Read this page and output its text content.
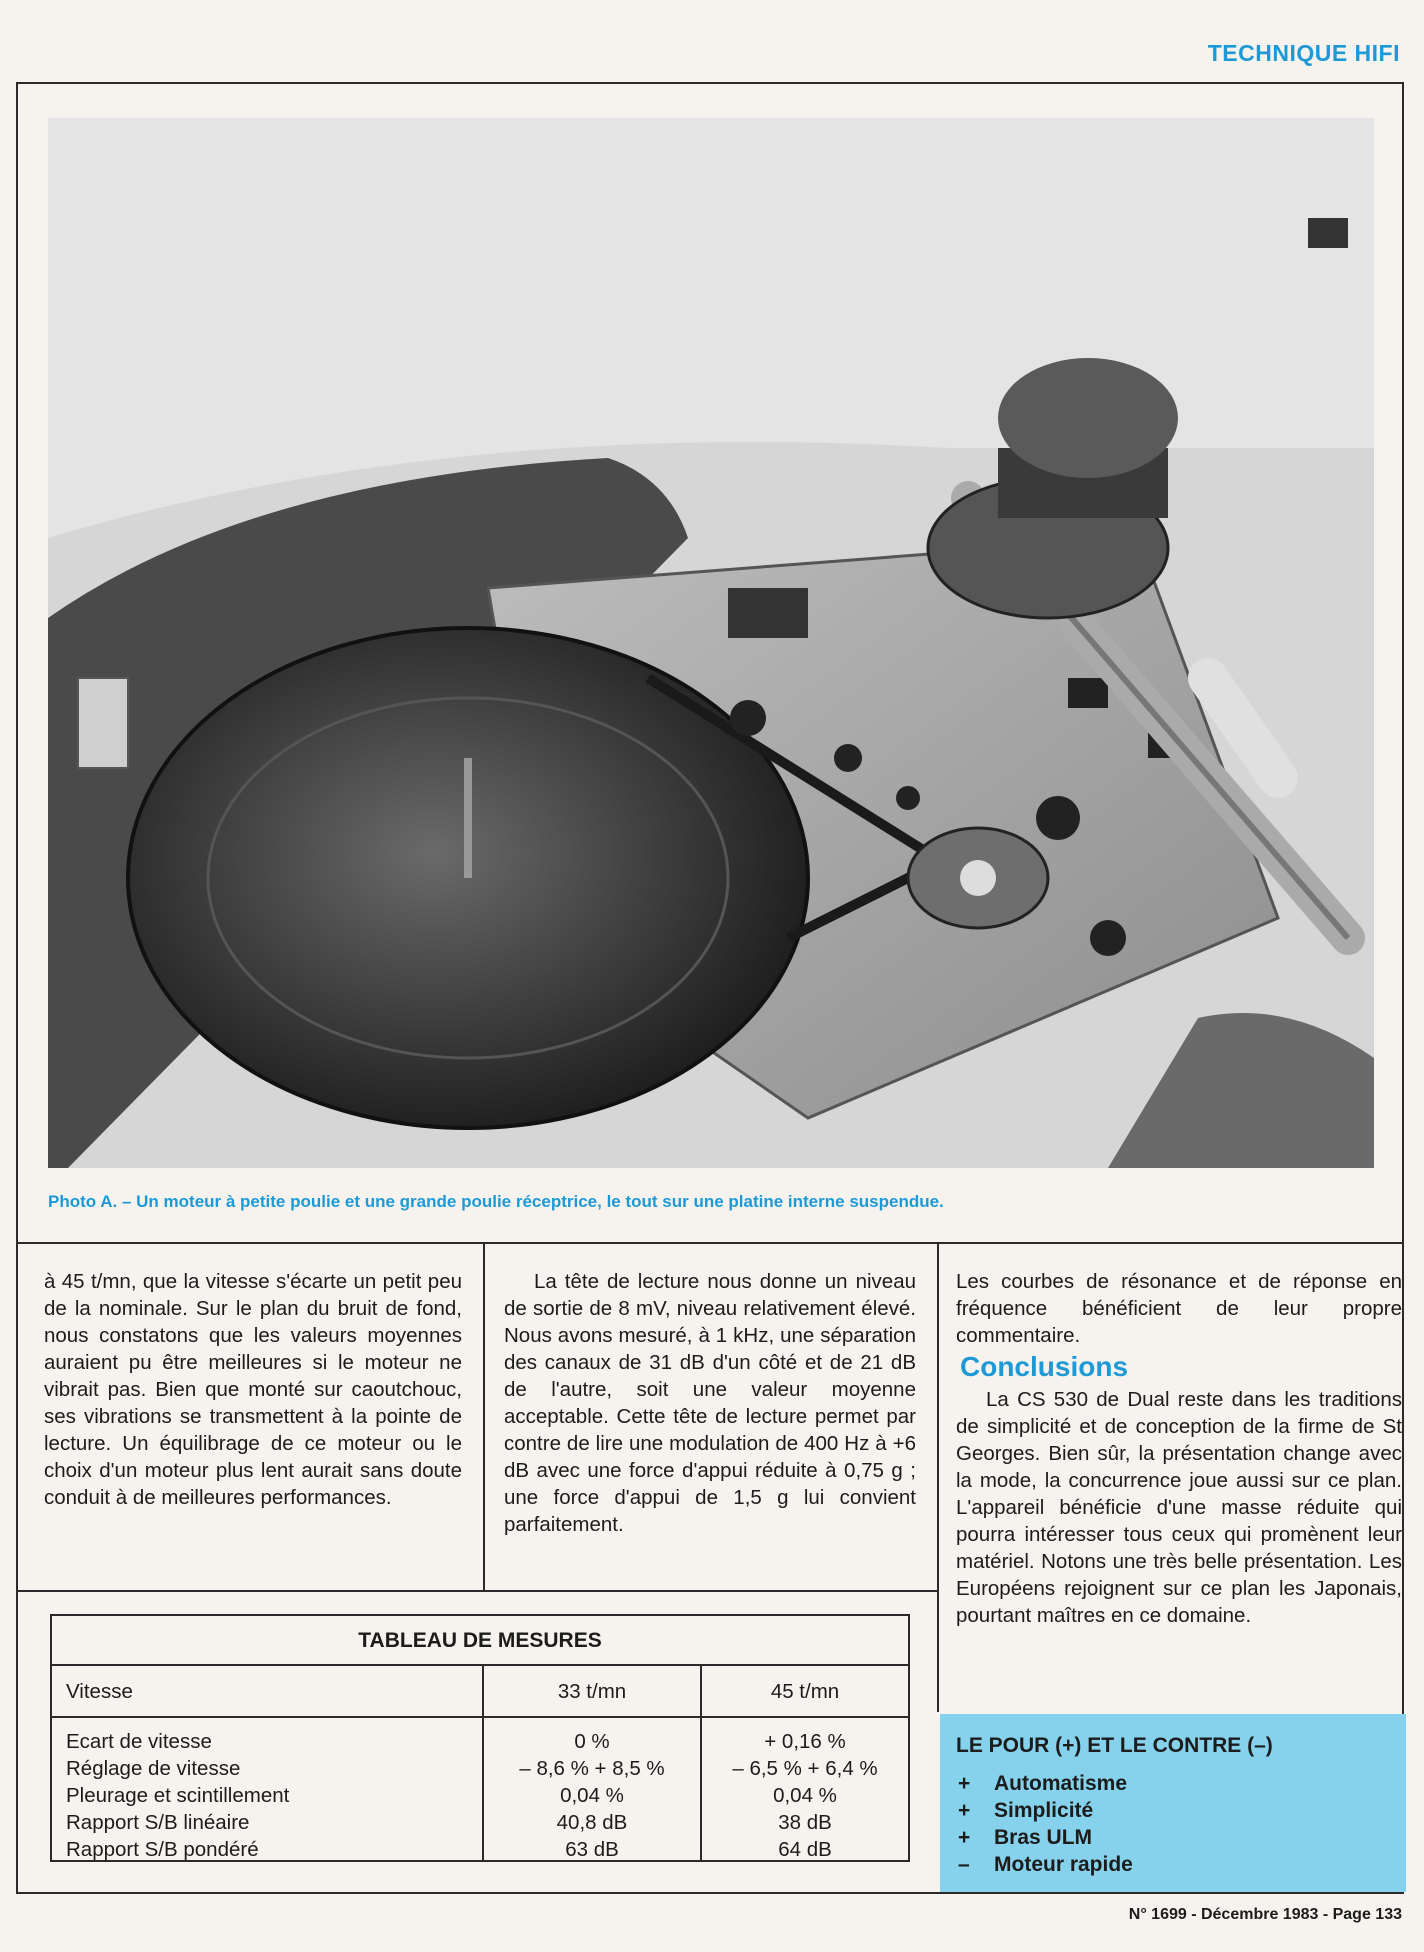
TECHNIQUE HIFI
Photo A. – Un moteur à petite poulie et une grande poulie réceptrice, le tout sur une platine interne suspendue.

à 45 t/mn, que la vitesse s'écarte un petit peu de la nominale. Sur le plan du bruit de fond, nous constatons que les valeurs moyennes auraient pu être meilleures si le moteur ne vibrait pas. Bien que monté sur caoutchouc, ses vibrations se transmettent à la pointe de lecture. Un équilibrage de ce moteur ou le choix d'un moteur plus lent aurait sans doute conduit à de meilleures performances.

La tête de lecture nous donne un niveau de sortie de 8 mV, niveau relativement élevé. Nous avons mesuré, à 1 kHz, une séparation des canaux de 31 dB d'un côté et de 21 dB de l'autre, soit une valeur moyenne acceptable. Cette tête de lecture permet par contre de lire une modulation de 400 Hz à +6 dB avec une force d'appui réduite à 0,75 g ; une force d'appui de 1,5 g lui convient parfaitement.

Les courbes de résonance et de réponse en fréquence bénéficient de leur propre commentaire.

Conclusions

La CS 530 de Dual reste dans les traditions de simplicité et de conception de la firme de St Georges. Bien sûr, la présentation change avec la mode, la concurrence joue aussi sur ce plan. L'appareil bénéficie d'une masse réduite qui pourra intéresser tous ceux qui promènent leur matériel. Notons une très belle présentation. Les Européens rejoignent sur ce plan les Japonais, pourtant maîtres en ce domaine.

TABLEAU DE MESURES
Vitesse	33 t/mn	45 t/mn
Ecart de vitesse	0 %	+ 0,16 %
Réglage de vitesse	– 8,6 % + 8,5 %	– 6,5 % + 6,4 %
Pleurage et scintillement	0,04 %	0,04 %
Rapport S/B linéaire	40,8 dB	38 dB
Rapport S/B pondéré	63 dB	64 dB
LE POUR (+) ET LE CONTRE (–)
+ Automatisme
+ Simplicité
+ Bras ULM
– Moteur rapide
N° 1699 - Décembre 1983 - Page 133
